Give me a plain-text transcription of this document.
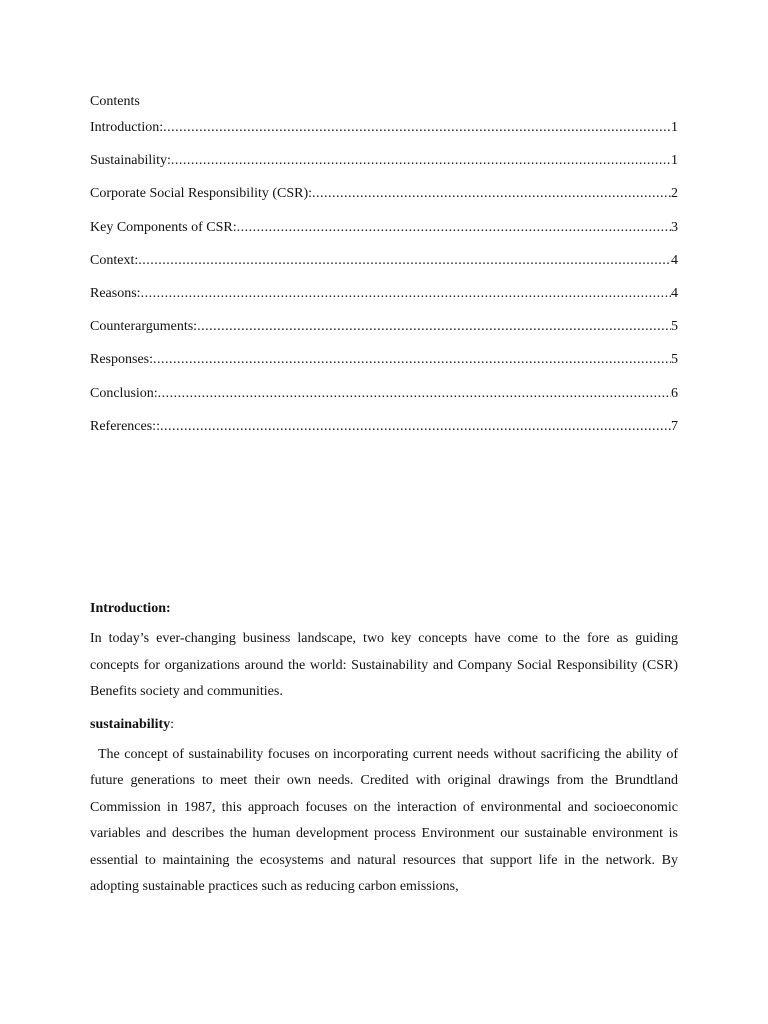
Contents
Introduction: .....	1
Sustainability: .....	1
Corporate Social Responsibility (CSR): .....	2
Key Components of CSR: .....	3
Context: .....	4
Reasons: .....	4
Counterarguments: .....	5
Responses: .....	5
Conclusion: .....	6
References:: .....	7
Introduction:

In today’s ever-changing business landscape, two key concepts have come to the fore as guiding concepts for organizations around the world: Sustainability and Company Social Responsibility (CSR) Benefits society and communities.

sustainability:

The concept of sustainability focuses on incorporating current needs without sacrificing the ability of future generations to meet their own needs. Credited with original drawings from the Brundtland Commission in 1987, this approach focuses on the interaction of environmental and socioeconomic variables and describes the human development process Environment our sustainable environment is essential to maintaining the ecosystems and natural resources that support life in the network. By adopting sustainable practices such as reducing carbon emissions,
